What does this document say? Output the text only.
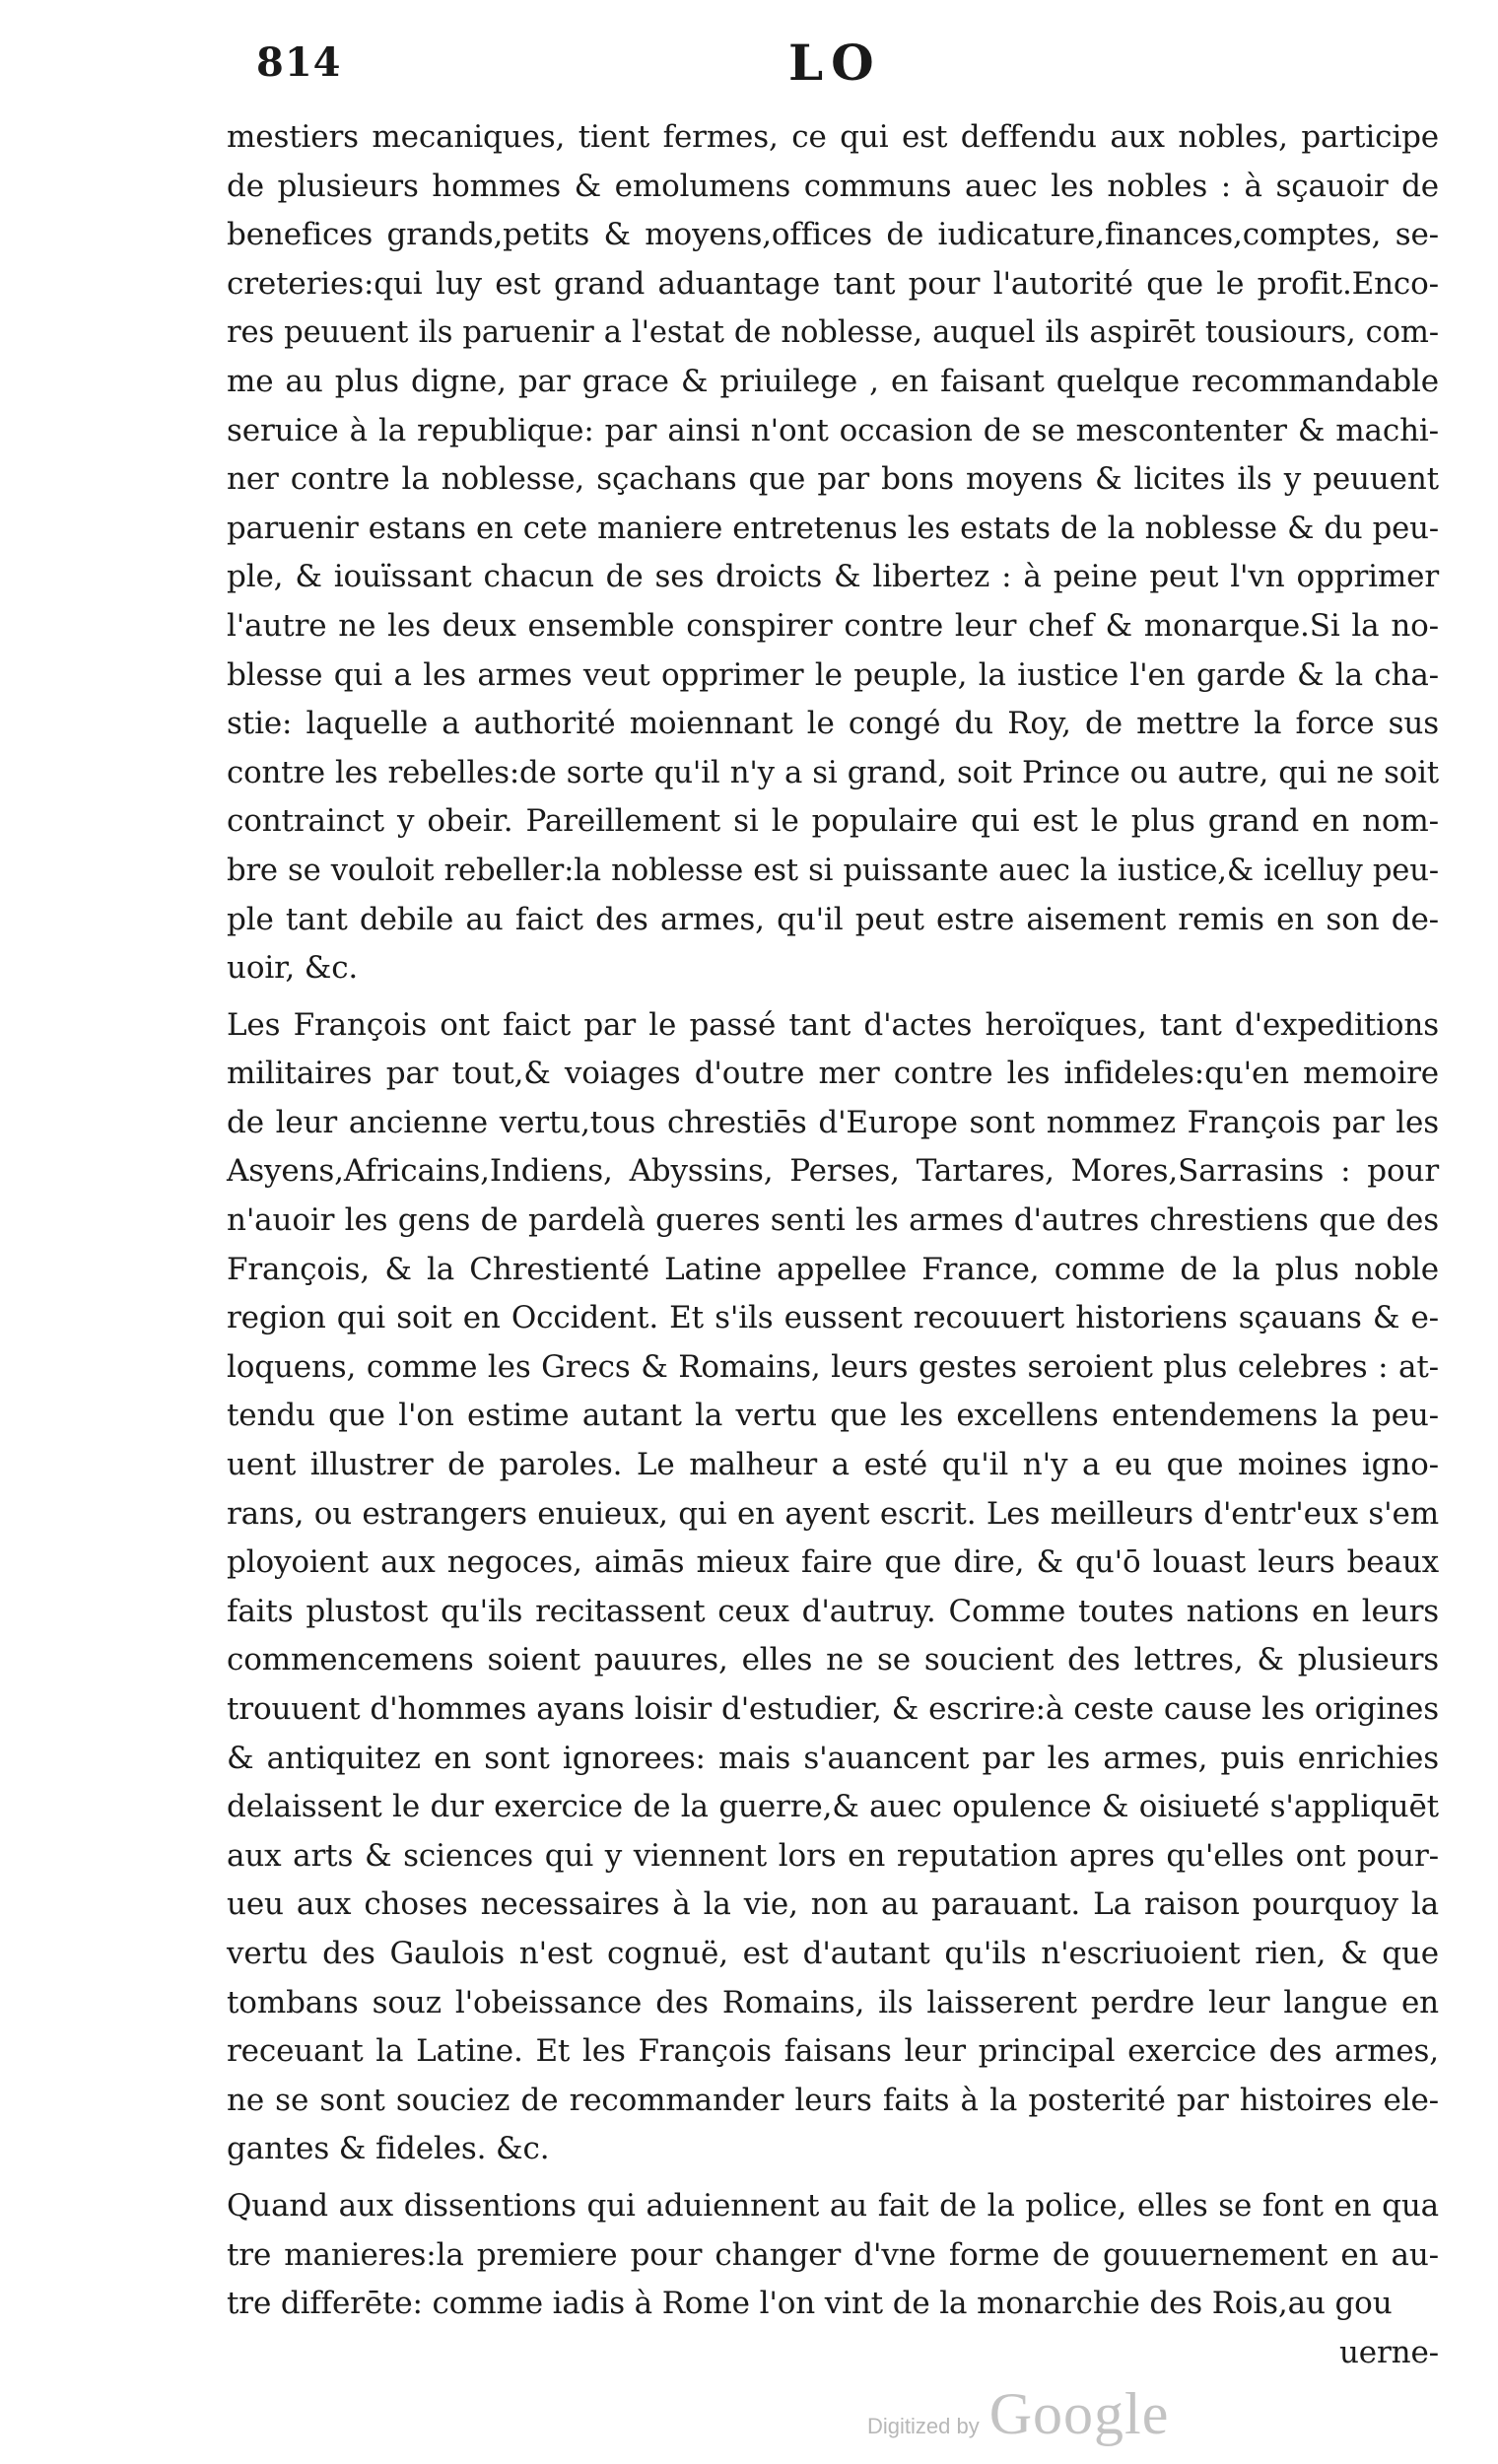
814	LO
mestiers mecaniques, tient fermes, ce qui est deffendu aux nobles, participe
de plusieurs hommes & emolumens communs auec les nobles : à sçauoir de
benefices grands,petits & moyens,offices de iudicature,finances,comptes, se-
creteries:qui luy est grand aduantage tant pour l'autorité que le profit.Enco-
res peuuent ils paruenir a l'estat de noblesse, auquel ils aspirēt tousiours, com-
me au plus digne, par grace & priuilege , en faisant quelque recommandable
seruice à la republique: par ainsi n'ont occasion de se mescontenter & machi-
ner contre la noblesse, sçachans que par bons moyens & licites ils y peuuent
paruenir estans en cete maniere entretenus les estats de la noblesse & du peu-
ple, & iouïssant chacun de ses droicts & libertez : à peine peut l'vn opprimer
l'autre ne les deux ensemble conspirer contre leur chef & monarque.Si la no-
blesse qui a les armes veut opprimer le peuple, la iustice l'en garde & la cha-
stie: laquelle a authorité moiennant le congé du Roy, de mettre la force sus
contre les rebelles:de sorte qu'il n'y a si grand, soit Prince ou autre, qui ne soit
contrainct y obeir. Pareillement si le populaire qui est le plus grand en nom-
bre se vouloit rebeller:la noblesse est si puissante auec la iustice,& icelluy peu-
ple tant debile au faict des armes, qu'il peut estre aisement remis en son de-
uoir, &c.
Les François ont faict par le passé tant d'actes heroïques, tant d'expeditions
militaires par tout,& voiages d'outre mer contre les infideles:qu'en memoire
de leur ancienne vertu,tous chrestiēs d'Europe sont nommez François par les
Asyens,Africains,Indiens, Abyssins, Perses, Tartares, Mores,Sarrasins : pour
n'auoir les gens de pardelà gueres senti les armes d'autres chrestiens que des
François, & la Chrestienté Latine appellee France, comme de la plus noble
region qui soit en Occident. Et s'ils eussent recouuert historiens sçauans & e-
loquens, comme les Grecs & Romains, leurs gestes seroient plus celebres : at-
tendu que l'on estime autant la vertu que les excellens entendemens la peu-
uent illustrer de paroles. Le malheur a esté qu'il n'y a eu que moines igno-
rans, ou estrangers enuieux, qui en ayent escrit. Les meilleurs d'entr'eux s'em
ployoient aux negoces, aimās mieux faire que dire, & qu'ō louast leurs beaux
faits plustost qu'ils recitassent ceux d'autruy. Comme toutes nations en leurs
commencemens soient pauures, elles ne se soucient des lettres, & plusieurs
trouuent d'hommes ayans loisir d'estudier, & escrire:à ceste cause les origines
& antiquitez en sont ignorees: mais s'auancent par les armes, puis enrichies
delaissent le dur exercice de la guerre,& auec opulence & oisiueté s'appliquēt
aux arts & sciences qui y viennent lors en reputation apres qu'elles ont pour-
ueu aux choses necessaires à la vie, non au parauant. La raison pourquoy la
vertu des Gaulois n'est cognuë, est d'autant qu'ils n'escriuoient rien, & que
tombans souz l'obeissance des Romains, ils laisserent perdre leur langue en
receuant la Latine. Et les François faisans leur principal exercice des armes,
ne se sont souciez de recommander leurs faits à la posterité par histoires ele-
gantes & fideles. &c.
Quand aux dissentions qui aduiennent au fait de la police, elles se font en qua
tre manieres:la premiere pour changer d'vne forme de gouuernement en au-
tre differēte: comme iadis à Rome l'on vint de la monarchie des Rois,au gou
uerne-
Digitized by Google
